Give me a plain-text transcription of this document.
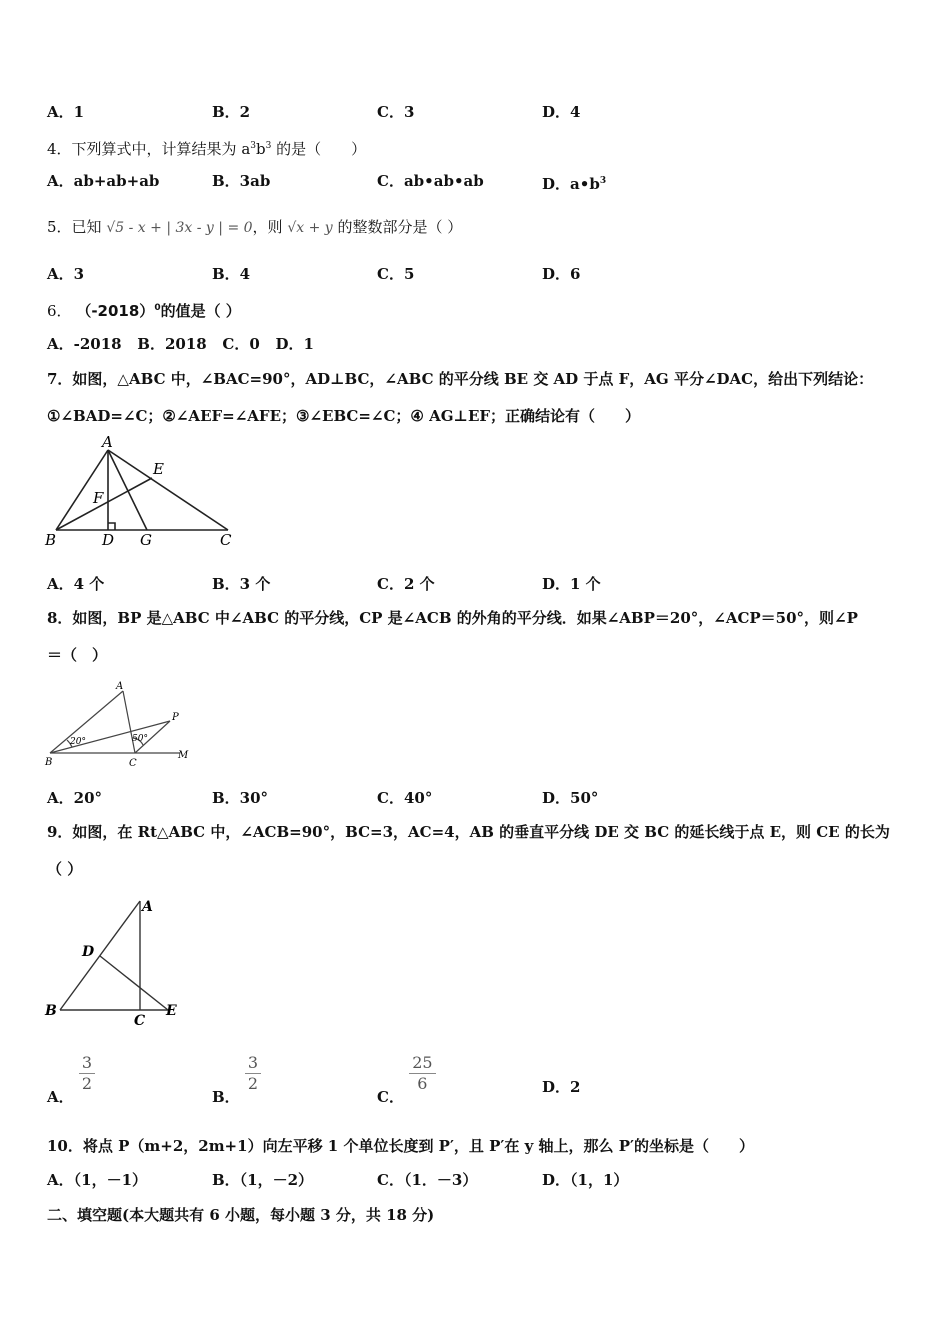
A．1	B．2	C．3	D．4
4．下列算式中，计算结果为 $a^3b^3$ 的是（　　）
A．ab+ab+ab	B．3ab	C．ab•ab•ab	D．$a•b^3$
5．已知 √5 - x + | 3x - y | = 0，则 √x + y 的整数部分是（ ）
A．3	B．4	C．5	D．6
6． $(-2018)^0$的值是（ ）
A．-2018 B．2018 C．0 D．1
7．如图，△ABC 中，∠BAC=90°，AD⊥BC，∠ABC 的平分线 BE 交 AD 于点 F，AG 平分∠DAC，给出下列结论：
①∠BAD=∠C；②∠AEF=∠AFE；③∠EBC=∠C；④ AG⊥EF；正确结论有（　　）
A
E
F
B	D G	C
A．4 个	B．3 个	C．2 个	D．1 个
8．如图，BP 是△ABC 中∠ABC 的平分线，CP 是∠ACB 的外角的平分线．如果∠ABP＝20°，∠ACP＝50°，则∠P
＝（　）
A
P
20°	50°
B	C
M
A．20°	B．30°	C．40°	D．50°
9．如图，在 Rt△ABC 中，∠ACB=90°，BC=3，AC=4，AB 的垂直平分线 DE 交 BC 的延长线于点 E，则 CE 的长为
（ ）
A
D
B
C
E
A．
$\frac{3}{2}$
B．
$\frac{3}{2}$
C．
$\frac{25}{6}$	D．2
10．将点 P（m+2，2m+1）向左平移 1 个单位长度到 P′，且 P′在 y 轴上，那么 P′的坐标是（　　）
A．（1，－1）	B．（1，－2）	C．（1．－3）	D．（1，1）
二、填空题(本大题共有 6 小题，每小题 3 分，共 18 分)
